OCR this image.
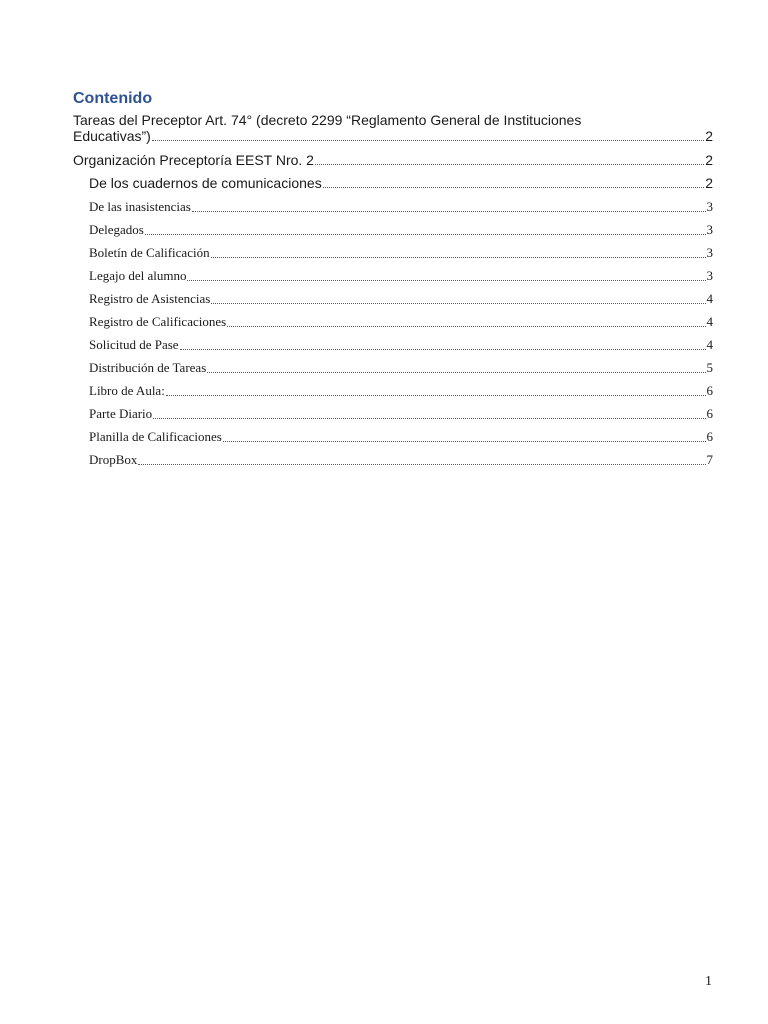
Contenido
Tareas del Preceptor Art. 74° (decreto 2299 “Reglamento General de Instituciones
Educativas”)	2
Organización Preceptoría EEST Nro. 2	2
De los cuadernos de comunicaciones	2
De las inasistencias	3
Delegados	3
Boletín de Calificación	3
Legajo del alumno	3
Registro de Asistencias	4
Registro de Calificaciones	4
Solicitud de Pase	4
Distribución de Tareas	5
Libro de Aula:	6
Parte Diario	6
Planilla de Calificaciones	6
DropBox	7
1
